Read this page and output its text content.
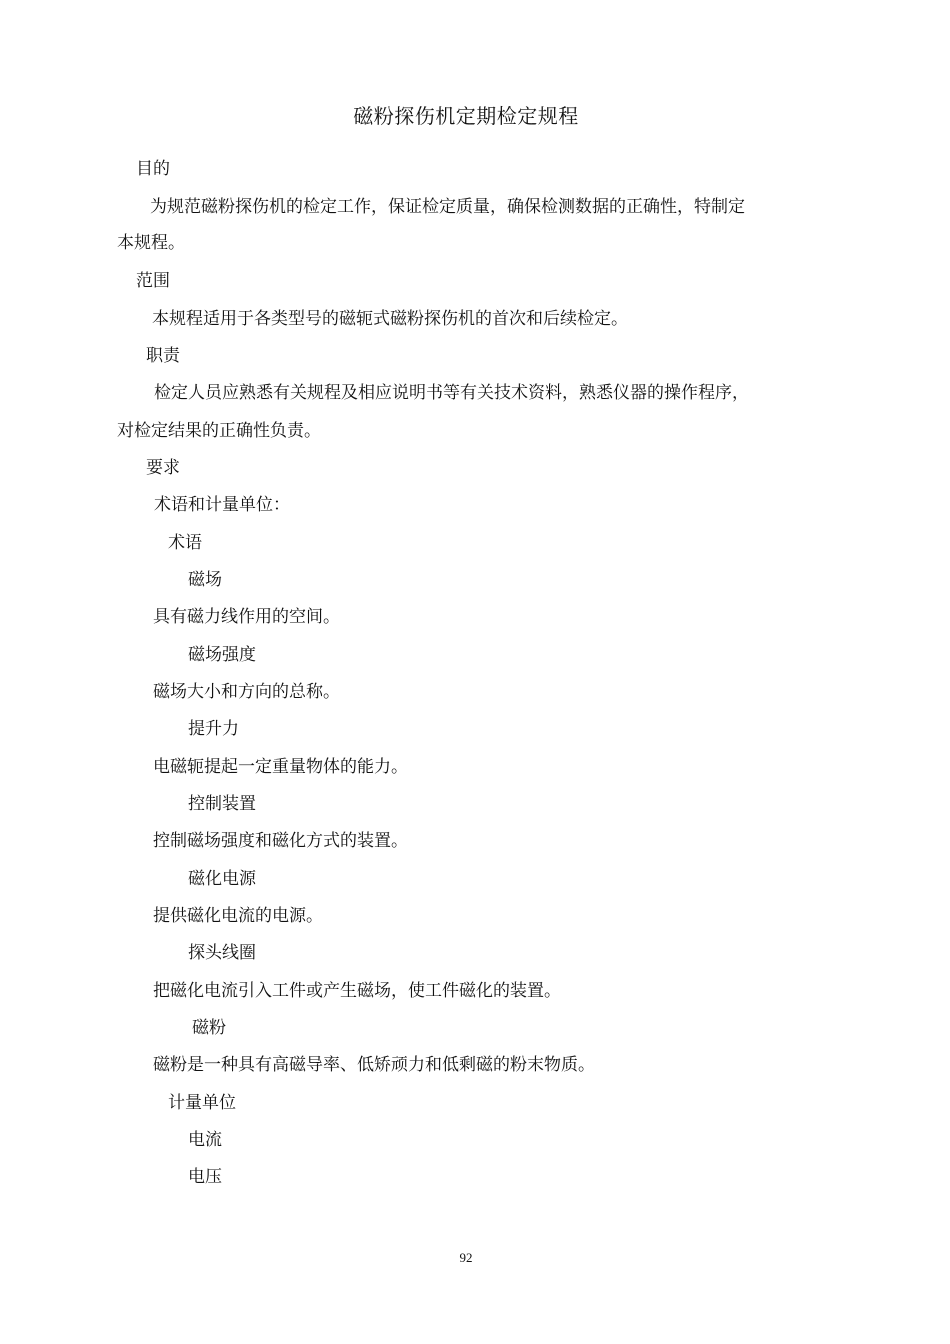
磁粉探伤机定期检定规程
目的
为规范磁粉探伤机的检定工作，保证检定质量，确保检测数据的正确性，特制定
本规程。
范围
本规程适用于各类型号的磁轭式磁粉探伤机的首次和后续检定。
职责
检定人员应熟悉有关规程及相应说明书等有关技术资料，熟悉仪器的操作程序，
对检定结果的正确性负责。
要求
术语和计量单位：
术语
磁场
具有磁力线作用的空间。
磁场强度
磁场大小和方向的总称。
提升力
电磁轭提起一定重量物体的能力。
控制装置
控制磁场强度和磁化方式的装置。
磁化电源
提供磁化电流的电源。
探头线圈
把磁化电流引入工件或产生磁场，使工件磁化的装置。
磁粉
磁粉是一种具有高磁导率、低矫顽力和低剩磁的粉末物质。
计量单位
电流
电压
92
